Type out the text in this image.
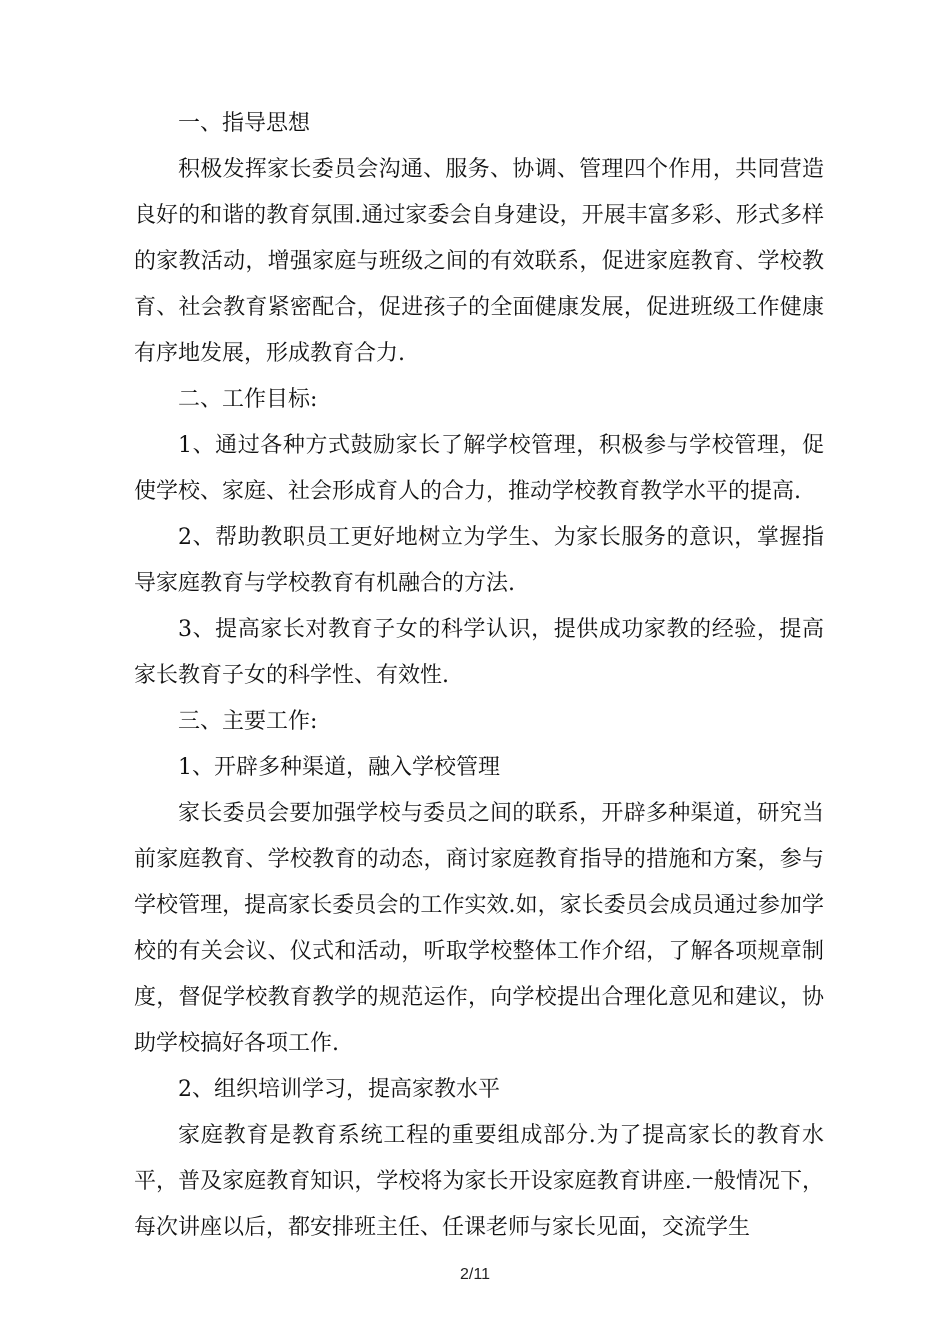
一、指导思想

积极发挥家长委员会沟通、服务、协调、管理四个作用，共同营造良好的和谐的教育氛围.通过家委会自身建设，开展丰富多彩、形式多样的家教活动，增强家庭与班级之间的有效联系，促进家庭教育、学校教育、社会教育紧密配合，促进孩子的全面健康发展，促进班级工作健康有序地发展，形成教育合力.

二、工作目标:

1、通过各种方式鼓励家长了解学校管理，积极参与学校管理，促使学校、家庭、社会形成育人的合力，推动学校教育教学水平的提高.

2、帮助教职员工更好地树立为学生、为家长服务的意识，掌握指导家庭教育与学校教育有机融合的方法.

3、提高家长对教育子女的科学认识，提供成功家教的经验，提高家长教育子女的科学性、有效性.

三、主要工作:

1、开辟多种渠道，融入学校管理

家长委员会要加强学校与委员之间的联系，开辟多种渠道，研究当前家庭教育、学校教育的动态，商讨家庭教育指导的措施和方案，参与学校管理，提高家长委员会的工作实效.如，家长委员会成员通过参加学校的有关会议、仪式和活动，听取学校整体工作介绍，了解各项规章制度，督促学校教育教学的规范运作，向学校提出合理化意见和建议，协助学校搞好各项工作.

2、组织培训学习，提高家教水平

家庭教育是教育系统工程的重要组成部分.为了提高家长的教育水平，普及家庭教育知识，学校将为家长开设家庭教育讲座.一般情况下，每次讲座以后，都安排班主任、任课老师与家长见面，交流学生

2/11
